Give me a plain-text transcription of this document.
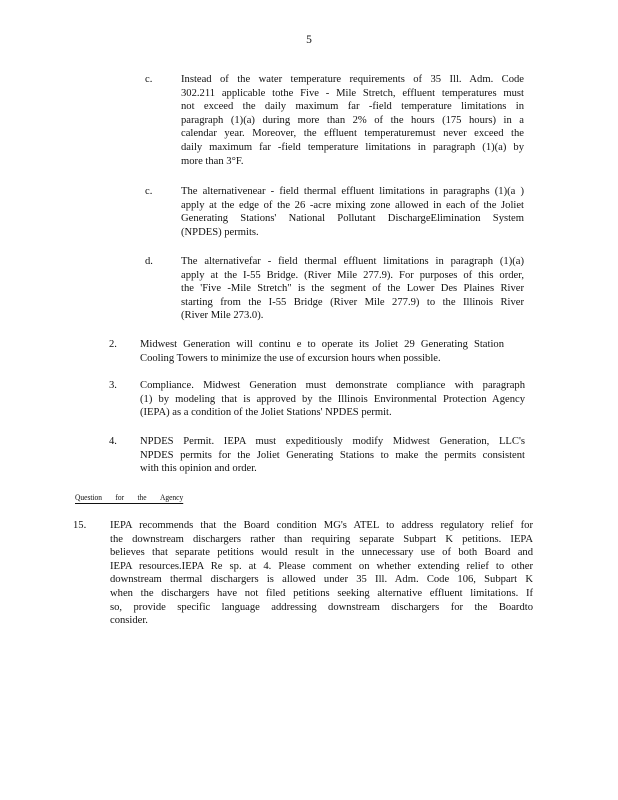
5
c.	Instead of the water temperature requirements of 35 Ill. Adm. Code
302.211 applicable tothe Five - Mile Stretch, effluent temperatures must
not exceed the daily maximum far -field temperature limitations in
paragraph (1)(a) during more than 2% of the hours (175 hours) in a
calendar year. Moreover, the effluent temperaturemust never exceed the
daily maximum far -field temperature limitations in paragraph (1)(a) by
more than 3°F.
c.	The alternativenear - field thermal effluent limitations in paragraphs (1)(a )
apply at the edge of the 26 -acre mixing zone allowed in each of the Joliet
Generating Stations' National Pollutant DischargeElimination System
(NPDES) permits.
d.	The alternativefar - field thermal effluent limitations in paragraph (1)(a)
apply at the I-55 Bridge. (River Mile 277.9). For purposes of this order,
the 'Five -Mile Stretch" is the segment of the Lower Des Plaines River
starting from the I-55 Bridge (River Mile 277.9) to the Illinois River
(River Mile 273.0).
2. Midwest Generation will continu e to operate its Joliet 29 Generating Station
Cooling Towers to minimize the use of excursion hours when possible.
3. Compliance. Midwest Generation must demonstrate compliance with paragraph
(1) by modeling that is approved by the Illinois Environmental Protection Agency
(IEPA) as a condition of the Joliet Stations' NPDES permit.
4. NPDES Permit. IEPA must expeditiously modify Midwest Generation, LLC's
NPDES permits for the Joliet Generating Stations to make the permits consistent
with this opinion and order.
Question for the Agency
15. IEPA recommends that the Board condition MG's ATEL to address regulatory relief for
the downstream dischargers rather than requiring separate Subpart K petitions. IEPA
believes that separate petitions would result in the unnecessary use of both Board and
IEPA resources.IEPA Re sp. at 4. Please comment on whether extending relief to other
downstream thermal dischargers is allowed under 35 Ill. Adm. Code 106, Subpart K
when the dischargers have not filed petitions seeking alternative effluent limitations. If
so, provide specific language addressing downstream dischargers for the Boardto
consider.
